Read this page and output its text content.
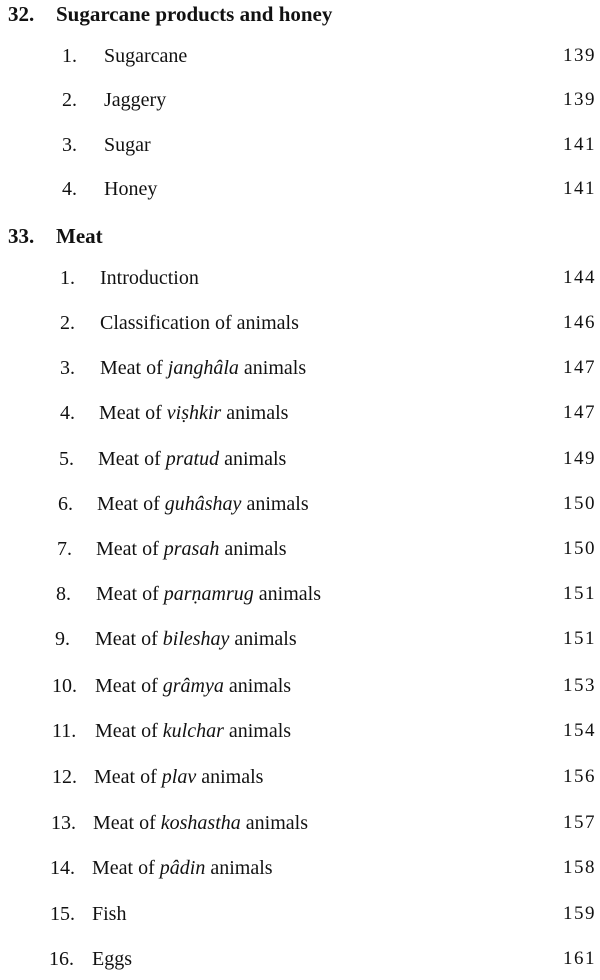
32. Sugarcane products and honey
1. Sugarcane	139
2. Jaggery	139
3. Sugar	141
4. Honey	141
33. Meat
1. Introduction	144
2. Classification of animals	146
3. Meat of janghâla animals	147
4. Meat of viṣhkir animals	147
5. Meat of pratud animals	149
6. Meat of guhâshay animals	150
7. Meat of prasah animals	150
8. Meat of parṇamrug animals	151
9. Meat of bileshay animals	151
10. Meat of grâmya animals	153
11. Meat of kulchar animals	154
12. Meat of plav animals	156
13. Meat of koshastha animals	157
14. Meat of pâdin animals	158
15. Fish	159
16. Eggs	161
